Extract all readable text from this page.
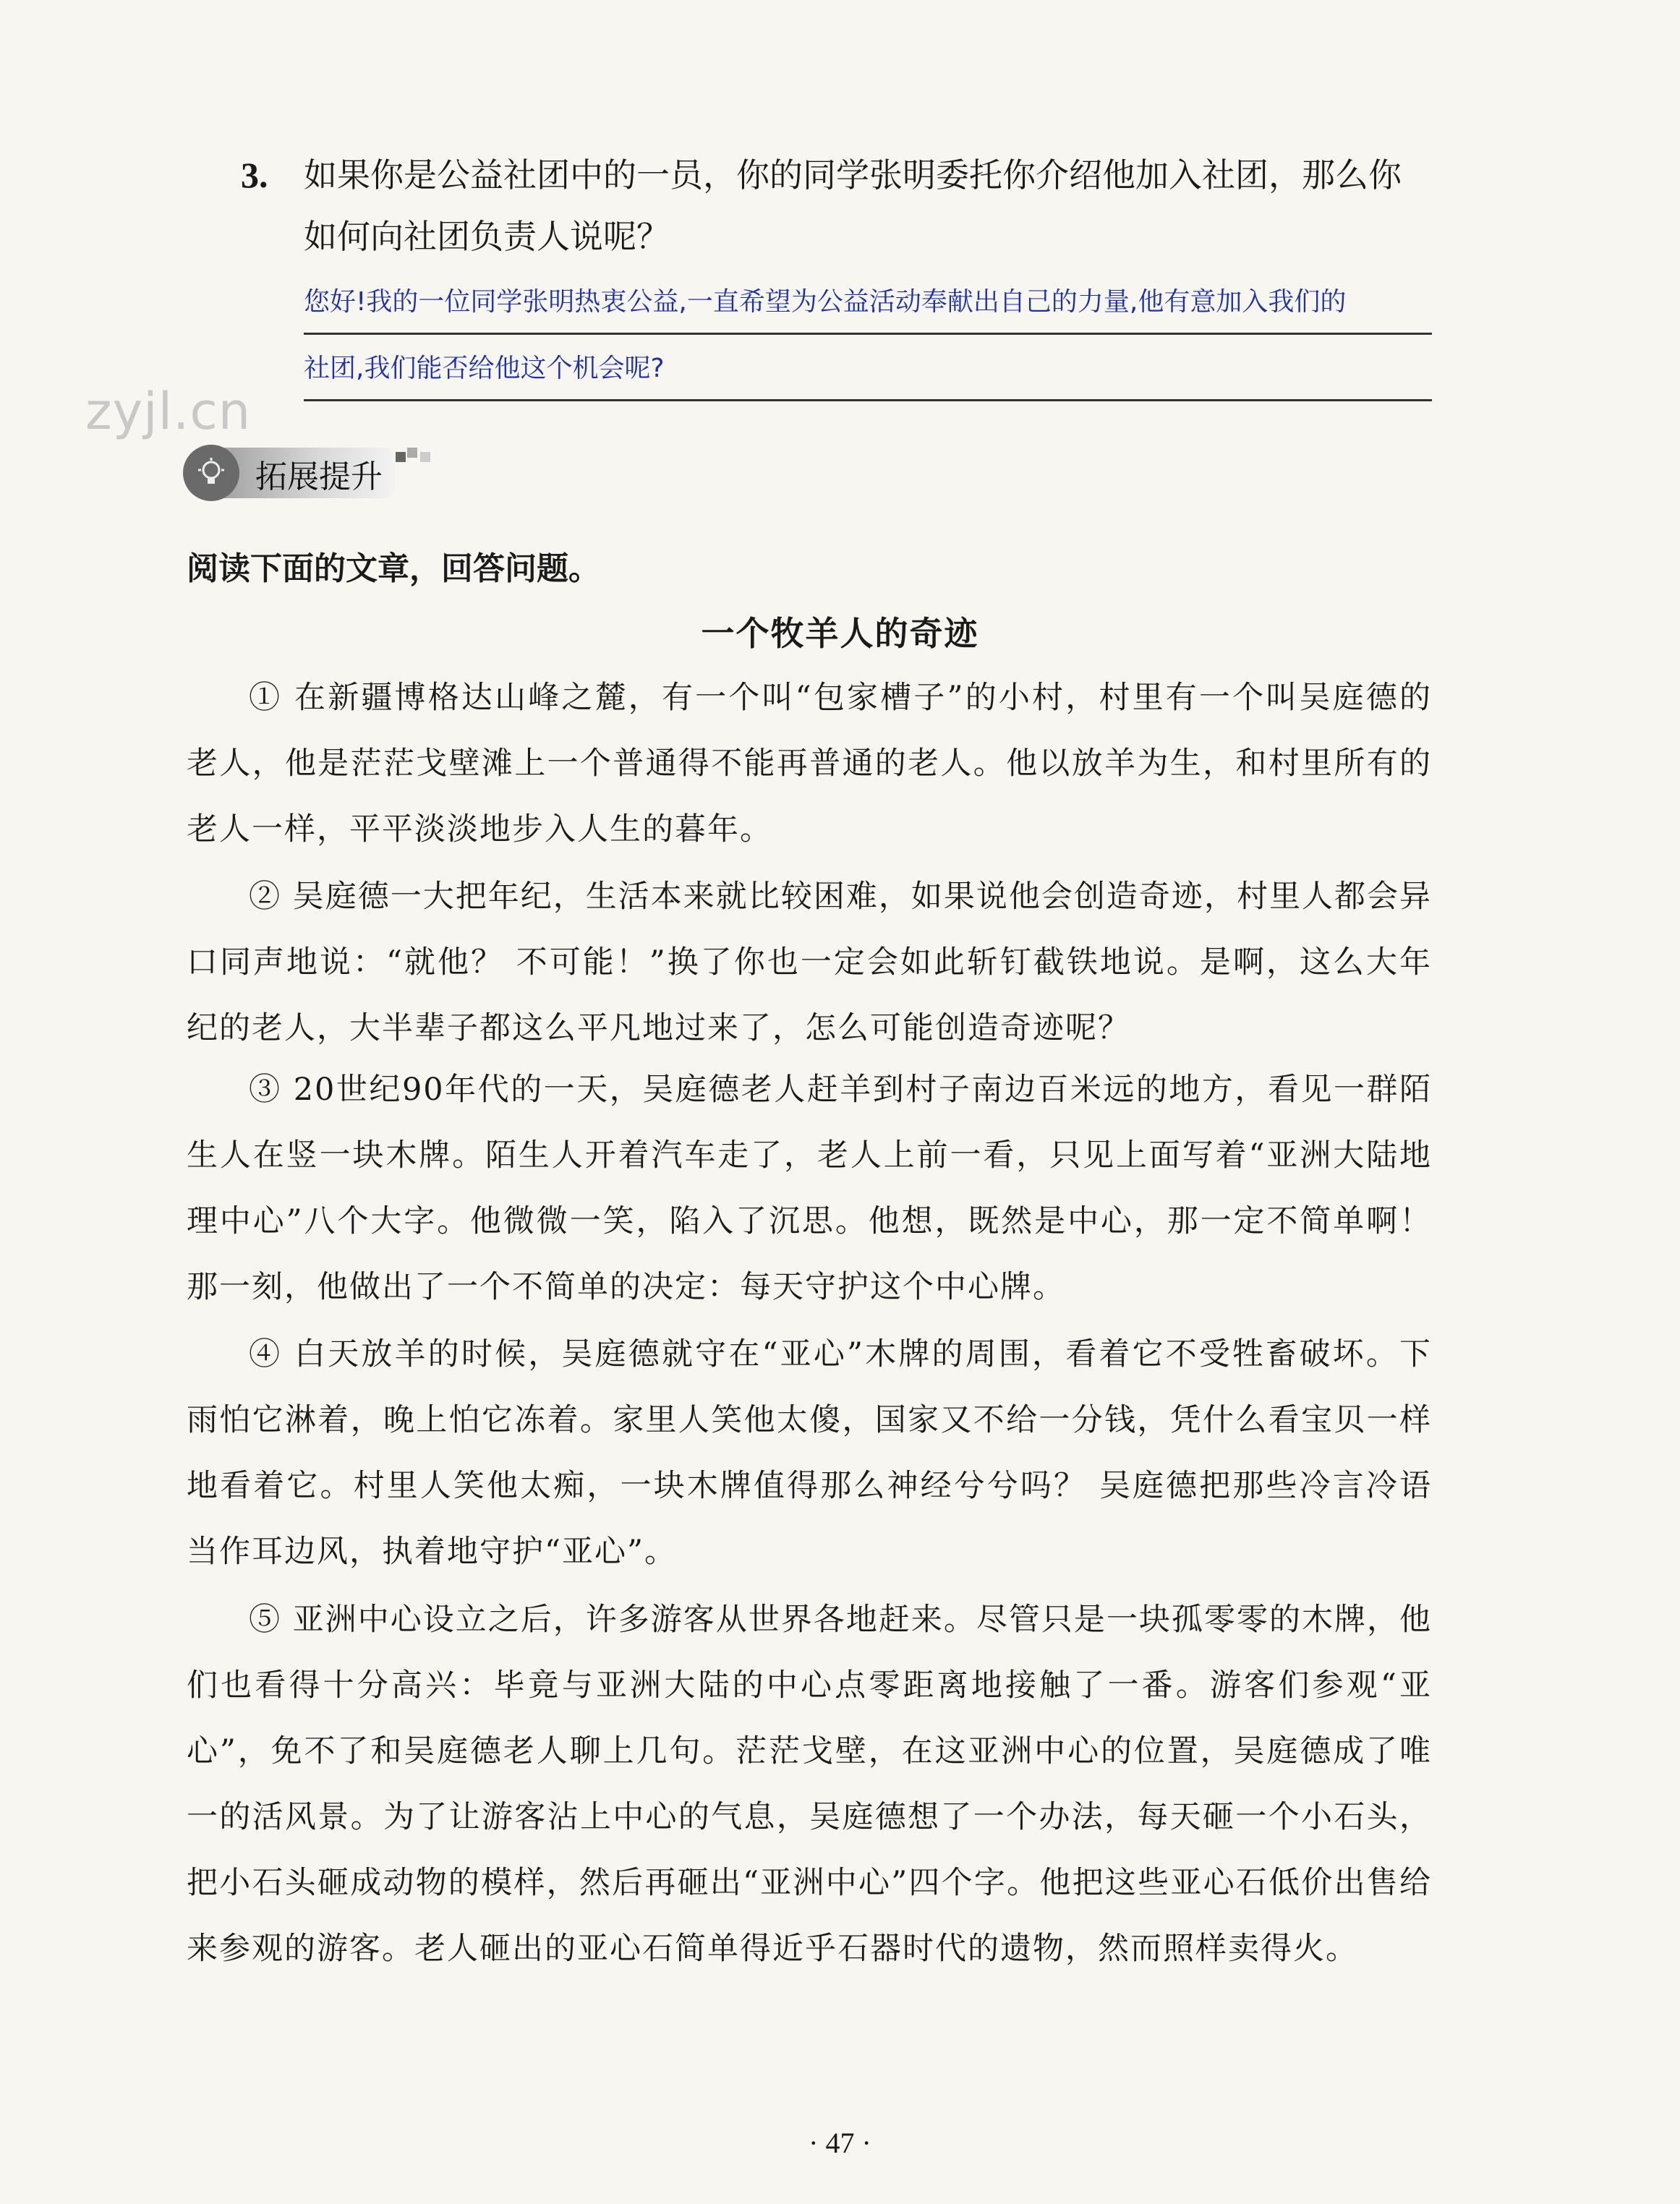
3.	如果你是公益社团中的一员，你的同学张明委托你介绍他加入社团，那么你如何向社团负责人说呢？
您好!我的一位同学张明热衷公益,一直希望为公益活动奉献出自己的力量,他有意加入我们的
社团,我们能否给他这个机会呢?
zyjl.cn
拓展提升
阅读下面的文章，回答问题。
一个牧羊人的奇迹
① 在新疆博格达山峰之麓，有一个叫“包家槽子”的小村，村里有一个叫吴庭德的老人，他是茫茫戈壁滩上一个普通得不能再普通的老人。他以放羊为生，和村里所有的老人一样，平平淡淡地步入人生的暮年。
② 吴庭德一大把年纪，生活本来就比较困难，如果说他会创造奇迹，村里人都会异口同声地说：“就他？ 不可能！”换了你也一定会如此斩钉截铁地说。是啊，这么大年纪的老人，大半辈子都这么平凡地过来了，怎么可能创造奇迹呢？
③ 20世纪90年代的一天，吴庭德老人赶羊到村子南边百米远的地方，看见一群陌生人在竖一块木牌。陌生人开着汽车走了，老人上前一看，只见上面写着“亚洲大陆地理中心”八个大字。他微微一笑，陷入了沉思。他想，既然是中心，那一定不简单啊！ 那一刻，他做出了一个不简单的决定：每天守护这个中心牌。
④ 白天放羊的时候，吴庭德就守在“亚心”木牌的周围，看着它不受牲畜破坏。下雨怕它淋着，晚上怕它冻着。家里人笑他太傻，国家又不给一分钱，凭什么看宝贝一样地看着它。村里人笑他太痴，一块木牌值得那么神经兮兮吗？ 吴庭德把那些冷言冷语当作耳边风，执着地守护“亚心”。
⑤ 亚洲中心设立之后，许多游客从世界各地赶来。尽管只是一块孤零零的木牌，他们也看得十分高兴：毕竟与亚洲大陆的中心点零距离地接触了一番。游客们参观“亚心”，免不了和吴庭德老人聊上几句。茫茫戈壁，在这亚洲中心的位置，吴庭德成了唯一的活风景。为了让游客沾上中心的气息，吴庭德想了一个办法，每天砸一个小石头，把小石头砸成动物的模样，然后再砸出“亚洲中心”四个字。他把这些亚心石低价出售给来参观的游客。老人砸出的亚心石简单得近乎石器时代的遗物，然而照样卖得火。
· 47 ·
